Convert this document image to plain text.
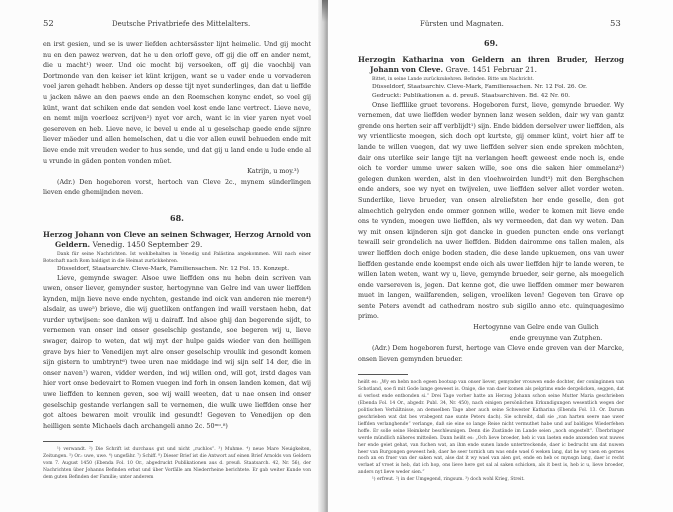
52	Deutsche Privatbriefe des Mittelalters.

en irst gesien, und se is uwer liefden achtersässter lijnt heimelic. Und gij mocht nu en den pawez werven, dat he u den orloff geve, off gij die off en ander nemt, die u macht¹) weer. Und oic mocht bij versoeken, off gij die vaochbij van Dortmonde van den keiser iet künt krijgen, want se u vader ende u vorvaderen voel jaren gehadt hebben. Anders op desse tijt nyet sunderlinges, dan dat u lieffde u jacken näwe an den paews ende an den Roemschen konync endet, so voel gij künt, want dat schiken ende dat senden voel kost ende lanc vertrect. Lieve neve, en nemt mijn voerloez scrijven²) nyet vor arch, want ic in vier yaren nyet voel gesereven en heb. Lieve neve, ic bevel u ende al u geselschap gaede ende sijnre liever mäeder und allen hemelschen, dat u die vor allen euwil behueden ende mit lieve ende mit vreuden weder to hus sende, und dat gij u land ende u lude ende al u vrunde in gäden ponten vonden müet.

Katrijn, u moy.³)

(Adr.) Den hogeboren vorst, hertoch van Cleve 2c., mynem sünderlingen lieven ende ghemijnden neven.

68.

Herzog Johann von Cleve an seinen Schwager, Herzog Arnold von Geldern. Venedig. 1450 September 29.

Dank für seine Nachrichten. Ist wohlbehalten in Venedig und Palästina angekommen. Will nach einer Botschaft nach Rom baldigst in die Heimat zurückkehren.

Düsseldorf, Staatsarchiv. Cleve-Mark, Familiensachen. Nr. 12 Fol. 15. Konzept.

Lieve, gemynde swager. Alsoe uwe lieffden ons nu hebn dein scriven van uwen, onser liever, gemynder suster, hertogynne van Gelre ind van uwer lieffden kynden, mijn lieve neve ende nychten, gestande ind oick van anderen nie meren⁴) alsdair, as uwe⁵) brieve, die wij guetliken ontfangen ind waill verstaen hebn, dat vurder uytwijsen: soe danken wij u dairaff. Ind alsoe ghij dan begerende sijdt, to vernemen van onser ind onser geselschip gestande, soe begeren wij u, lieve swager, dairop to weten, dat wij myt der hulpe gaids wieder van den heilligen grave bys hier to Venedijen myt alre onser geselschip vroulik ind gesondt komen sijn gistern to umbtrynt⁶) twee uren nae middage ind wij sijn self 14 der, die in onser naven⁷) waren, vidder werden, ind wij willen ond, will got, irstd dages van hier vort onse bedevairt to Romen vuegen ind forh in onsen landen komen, dat wij uwe lieffden to kennen geven, soe wij waill weeten, dat u nae onsen ind onser geselschip gestande verlangen sall te vernemen, die wulk uwe lieffden onse her got altoes bewaren moit vroulik ind gesundt! Gegeven to Venedijen op den heilligen sente Michaels dach archangeli anno 2c. 50ᵐᵒ.⁸)

¹) verwandt. ²) Die Schrift ist durchaus gut und nicht „ruchlos“. ³) Muhme. ⁴) neue Mare Neuigkeiten, Zeitungen. ⁵) Or.: uwe, uwe. ⁶) ungefähr. ⁷) Schiff. ⁸) Dieser Brief ist die Antwort auf einen Brief Arnolds von Geldern vom 7. August 1450 (Ebenda Fol. 10 Or., abgedruckt Publikationen aus d. preuß. Staatsarch. 42, Nr. 56), der Nachrichten über Johanns Befinden erbat und über Vorfälle am Niederrheine berichtete. Er gab weiter Kunde von dem guten Befinden der Familie; unter anderem

Fürsten und Magnaten.	53
69.

Herzogin Katharina von Geldern an ihren Bruder, Herzog Johann von Cleve. Grave. 1451 Februar 21.

Bittet, in seine Lande zurückzukehren. Befinden. Bitte um Nachricht.

Düsseldorf, Staatsarchiv. Cleve-Mark, Familiensachen. Nr. 12 Fol. 26. Or.

Gedruckt: Publikationen a. d. preuß. Staatsarchiven. Bd. 42 Nr. 60.

Onse lieffllike gruet tevorens. Hogeboren furst, lieve, gemynde brueder. Wy vernemen, dat uwe lieffden weder bynnen lanz wesen selden, dair wy van gantz grende ons herten seir aff verblijdt¹) sijn. Ende bidden derselver uwer lieffden, als wy vrientlicste moegen, sich doch opt kurtste, gij ommer künt, voirt hier aff te lande te willen vuegen, dat wy uwe lieffden selver sien ende spreken möchten, dair ons uterlike seir lange tijt na verlangen heeft geweest ende noch is, ende oich te vorder umme uwer saken wille, soe ons die saken hier ommelanz²) gelegen dunken werden, alst in den vloehwoirden lundt³) mit den Berghschen ende anders, soe wy nyet en twijvelen, uwe lieffden selver allet vorder weten. Sunderlike, lieve brueder, van onsen alreliefsten her ende geselle, den got almechtich gelryden ende ommer gonnen wille, weder te komen mit lieve ende ons te vynden, moegen uwe lieffden, als wy vermeeden, dat dan wy weten. Dan wy mit onsen kijnderen sijn got dancke in gueden puncten ende ons verlangt tewaill seir grondelich na uwer lieffden. Bidden dairomme ons tallen malen, als uwer lieffden doch enige boden staden, die dese lande upkuemen, ons van uwer lieffden gestande ende koempst ende oich als uwer lieffden hijr te lande weren, te willen laten weten, want wy u, lieve, gemynde brueder, seir gerne, als moegelich ende varsereven is, jegen. Dat kenne got, die uwe lieffden ommer mer bewaren muet in langen, wailfarenden, seligen, vroeliken leven! Gegeven ten Grave op sente Peters avendt ad cathedram nostro sub sigillo anno etc. quinquagesimo primo.

Hertogynne van Gelre ende van Gulich

ende greuynne van Zutphen.

(Adr.) Dem hogeboren furst, hertoge van Cleve ende greven van der Marcke, onsen lieven gemynden brueder.

heißt es: „Wy en hebn noch egeen bootsap van onser liever, gemynder vrouwen ende dochter, der coninginnen van Schotland, soe fi mit Gode lange geweest is. Onige, die van daer komen als pelgrims ende dergelicken, seggen, dat si verlost ende entbonden si.“ Drei Tage vorher hatte an Herzog Johann schon seine Mutter Maria geschrieben (Ebenda Fol. 14 Or., abgedr. Publ. 34, Nr. 450), nach einigen persönlichen Erkundigungen wesentlich wegen der politischen Verhältnisse, an demselben Tage aber auch seine Schwester Katharina (Ebenda Fol. 13. Or. Darum geschrieben wat dat bes vrabegent nae sunte Peters dach). Sie schreibt, daß sie „van harten seere nae uwer lieffden verlanghende“ verlange, daß sie eine so lange Reise nicht vermuthet habe und auf baldiges Wiederfehen hoffe. Er solle seine Heimkehr beschleunigen. Denn die Zustände im Lande seien „noch ongestelt“. Überbringer werde mündlich näheres mitteilen. Dann heißt es: „Och lieve broeder, heb ic van laeten ende anxenden wat nuwes her ende geiet gehat, van fuchen wat, an ihm ende sunen lande untertreckende, daer ic bedrucht um dat nuwen heer van Burgongen geweest heb, daer he seer tornich um was ende wael 6 weken lang, dat he wy vaen en gernes noch an en fruer van der saken wat, alse dat it wy wael van alen got, ende en heb oc mynsgn lang, daer ic recht verlaet af vroet is heb, dat ich hop, ons lieve here got sal al saken schicken, als it best is, heb ic u, lieve broeder, anders nyt lieve weder sien.“

¹) erfreut. ²) in der Umgegend, ringsum. ³) doch wohl Krieg, Streit.
